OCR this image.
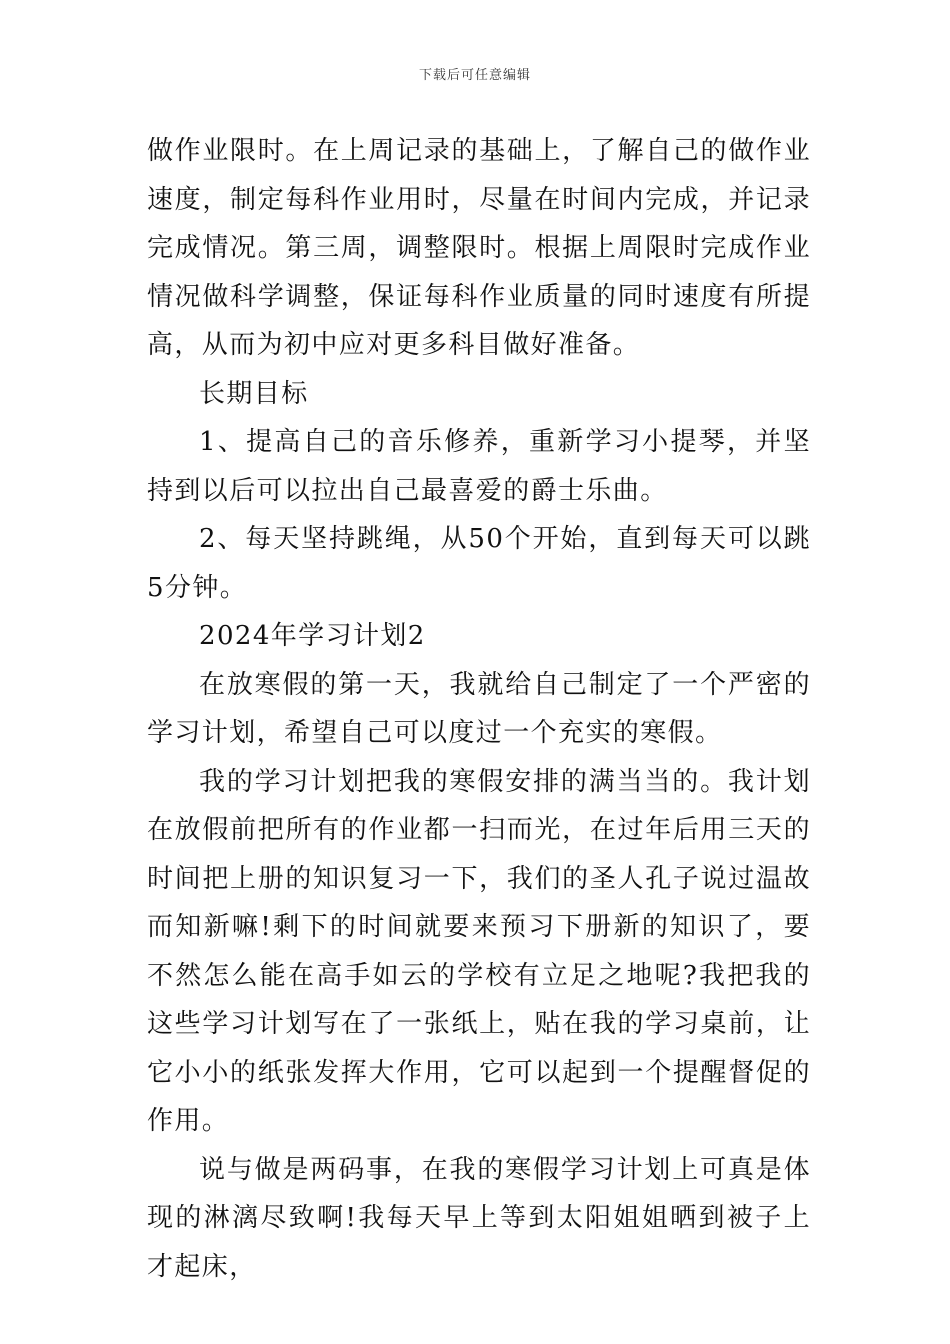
下载后可任意编辑

做作业限时。在上周记录的基础上，了解自己的做作业速度，制定每科作业用时，尽量在时间内完成，并记录完成情况。第三周，调整限时。根据上周限时完成作业情况做科学调整，保证每科作业质量的同时速度有所提高，从而为初中应对更多科目做好准备。

长期目标

1、提高自己的音乐修养，重新学习小提琴，并坚持到以后可以拉出自己最喜爱的爵士乐曲。

2、每天坚持跳绳，从50个开始，直到每天可以跳5分钟。

2024年学习计划2

在放寒假的第一天，我就给自己制定了一个严密的学习计划，希望自己可以度过一个充实的寒假。

我的学习计划把我的寒假安排的满当当的。我计划在放假前把所有的作业都一扫而光，在过年后用三天的时间把上册的知识复习一下，我们的圣人孔子说过温故而知新嘛!剩下的时间就要来预习下册新的知识了，要不然怎么能在高手如云的学校有立足之地呢?我把我的这些学习计划写在了一张纸上，贴在我的学习桌前，让它小小的纸张发挥大作用，它可以起到一个提醒督促的作用。

说与做是两码事，在我的寒假学习计划上可真是体现的淋漓尽致啊!我每天早上等到太阳姐姐晒到被子上才起床，
